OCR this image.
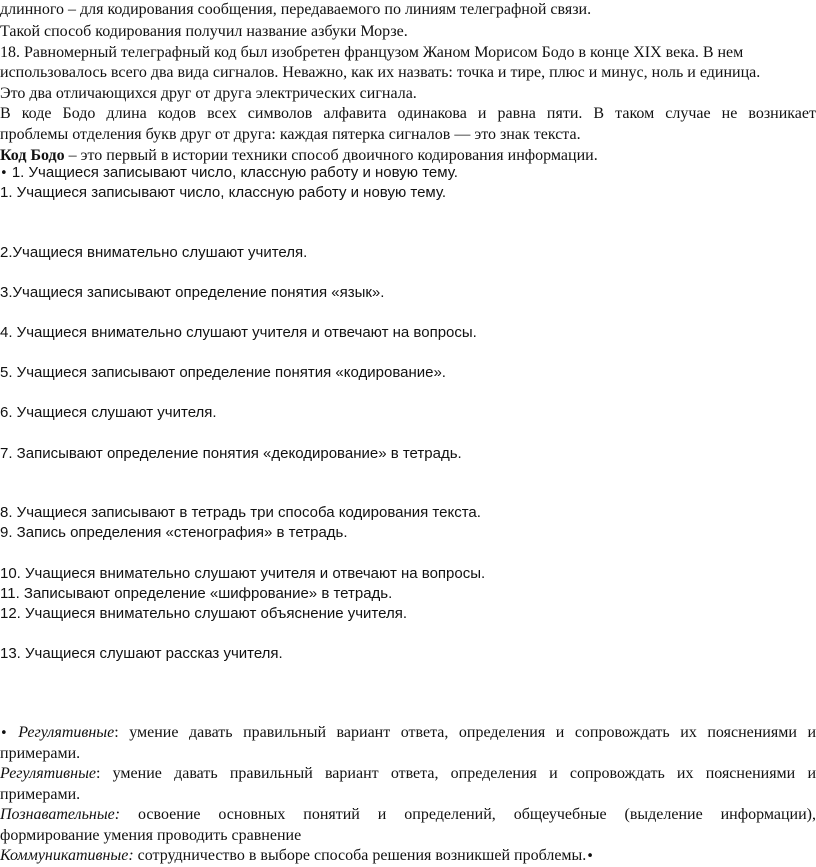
длинного – для кодирования сообщения, передаваемого по линиям телеграфной связи.
Такой способ кодирования получил название азбуки Морзе.
18. Равномерный телеграфный код был изобретен французом Жаном Морисом Бодо в конце XIX века. В нем
использовалось всего два вида сигналов. Неважно, как их назвать: точка и тире, плюс и минус, ноль и единица.
Это два отличающихся друг от друга электрических сигнала.
В коде Бодо длина кодов всех символов алфавита одинакова и равна пяти. В таком случае не возникает
проблемы отделения букв друг от друга: каждая пятерка сигналов — это знак текста.
Код Бодо – это первый в истории техники способ двоичного кодирования информации.
• 1. Учащиеся записывают число, классную работу и новую тему.
1. Учащиеся записывают число, классную работу и новую тему.
2.Учащиеся внимательно слушают учителя.
3.Учащиеся записывают определение понятия «язык».
4. Учащиеся внимательно слушают учителя и отвечают на вопросы.
5. Учащиеся записывают определение понятия «кодирование».
6. Учащиеся слушают учителя.
7. Записывают определение понятия «декодирование» в тетрадь.
8. Учащиеся записывают в тетрадь три способа кодирования текста.
9. Запись определения «стенография» в тетрадь.
10. Учащиеся внимательно слушают учителя и отвечают на вопросы.
11. Записывают определение «шифрование» в тетрадь.
12. Учащиеся внимательно слушают объяснение учителя.
13. Учащиеся слушают рассказ учителя.
• Регулятивные: умение давать правильный вариант ответа, определения и сопровождать их пояснениями и
примерами.
Регулятивные: умение давать правильный вариант ответа, определения и сопровождать их пояснениями и
примерами.
Познавательные: освоение основных понятий и определений, общеучебные (выделение информации),
формирование умения проводить сравнение
Коммуникативные: сотрудничество в выборе способа решения возникшей проблемы.•
